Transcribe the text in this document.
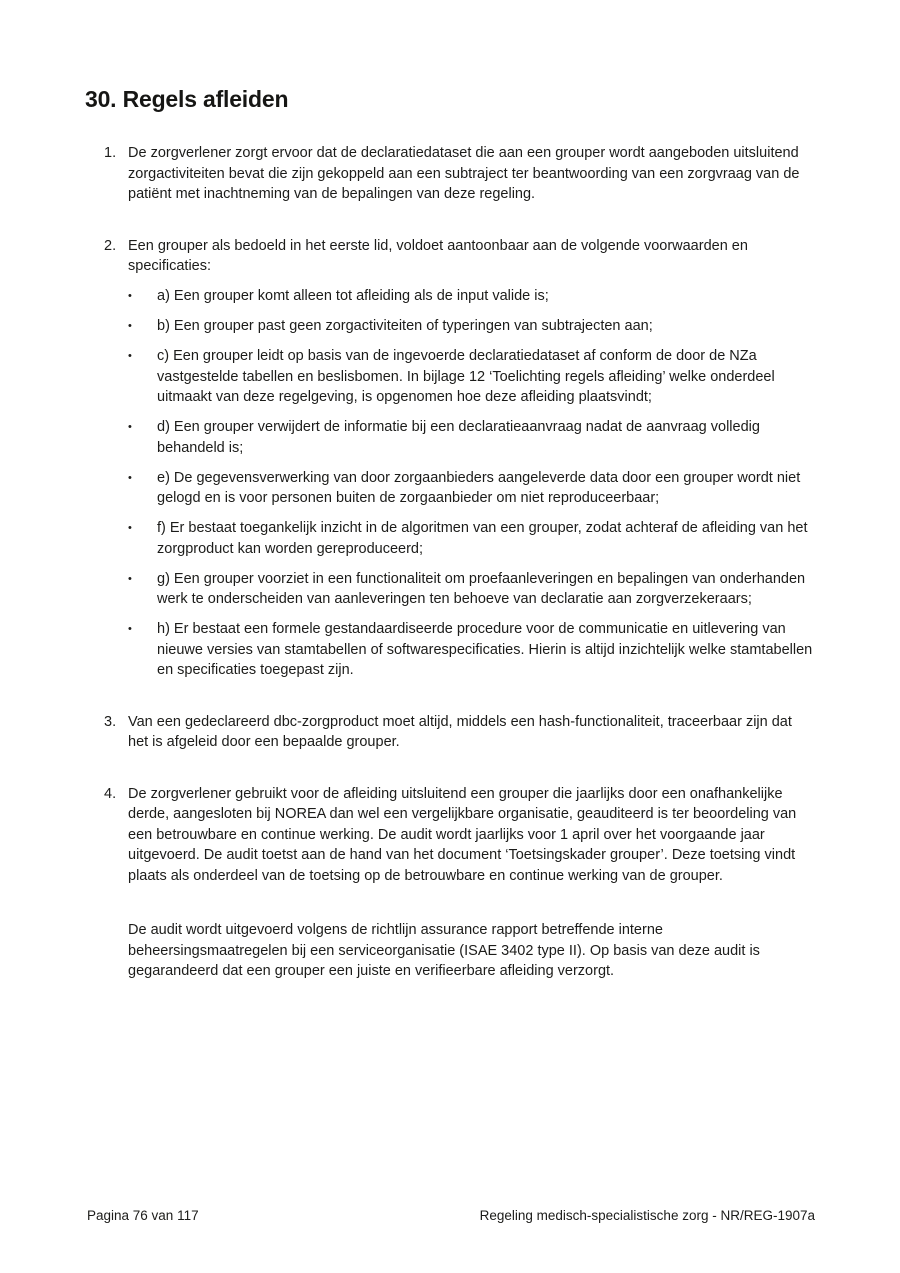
30. Regels afleiden
1. De zorgverlener zorgt ervoor dat de declaratiedataset die aan een grouper wordt aangeboden uitsluitend zorgactiviteiten bevat die zijn gekoppeld aan een subtraject ter beantwoording van een zorgvraag van de patiënt met inachtneming van de bepalingen van deze regeling.

2. Een grouper als bedoeld in het eerste lid, voldoet aantoonbaar aan de volgende voorwaarden en specificaties:

•	a) Een grouper komt alleen tot afleiding als de input valide is;
•	b) Een grouper past geen zorgactiviteiten of typeringen van subtrajecten aan;
•	c) Een grouper leidt op basis van de ingevoerde declaratiedataset af conform de door de NZa vastgestelde tabellen en beslisbomen. In bijlage 12 ‘Toelichting regels afleiding’ welke onderdeel uitmaakt van deze regelgeving, is opgenomen hoe deze afleiding plaatsvindt;
•	d) Een grouper verwijdert de informatie bij een declaratieaanvraag nadat de aanvraag volledig behandeld is;
•	e) De gegevensverwerking van door zorgaanbieders aangeleverde data door een grouper wordt niet gelogd en is voor personen buiten de zorgaanbieder om niet reproduceerbaar;
•	f) Er bestaat toegankelijk inzicht in de algoritmen van een grouper, zodat achteraf de afleiding van het zorgproduct kan worden gereproduceerd;
•	g) Een grouper voorziet in een functionaliteit om proefaanleveringen en bepalingen van onderhanden werk te onderscheiden van aanleveringen ten behoeve van declaratie aan zorgverzekeraars;
•	h) Er bestaat een formele gestandaardiseerde procedure voor de communicatie en uitlevering van nieuwe versies van stamtabellen of softwarespecificaties. Hierin is altijd inzichtelijk welke stamtabellen en specificaties toegepast zijn.
3. Van een gedeclareerd dbc-zorgproduct moet altijd, middels een hash-functionaliteit, traceerbaar zijn dat het is afgeleid door een bepaalde grouper.

4. De zorgverlener gebruikt voor de afleiding uitsluitend een grouper die jaarlijks door een onafhankelijke derde, aangesloten bij NOREA dan wel een vergelijkbare organisatie, geauditeerd is ter beoordeling van een betrouwbare en continue werking. De audit wordt jaarlijks voor 1 april over het voorgaande jaar uitgevoerd. De audit toetst aan de hand van het document ‘Toetsingskader grouper’. Deze toetsing vindt plaats als onderdeel van de toetsing op de betrouwbare en continue werking van de grouper.

De audit wordt uitgevoerd volgens de richtlijn assurance rapport betreffende interne beheersingsmaatregelen bij een serviceorganisatie (ISAE 3402 type II). Op basis van deze audit is gegarandeerd dat een grouper een juiste en verifieerbare afleiding verzorgt.

Pagina 76 van 117	Regeling medisch-specialistische zorg - NR/REG-1907a
